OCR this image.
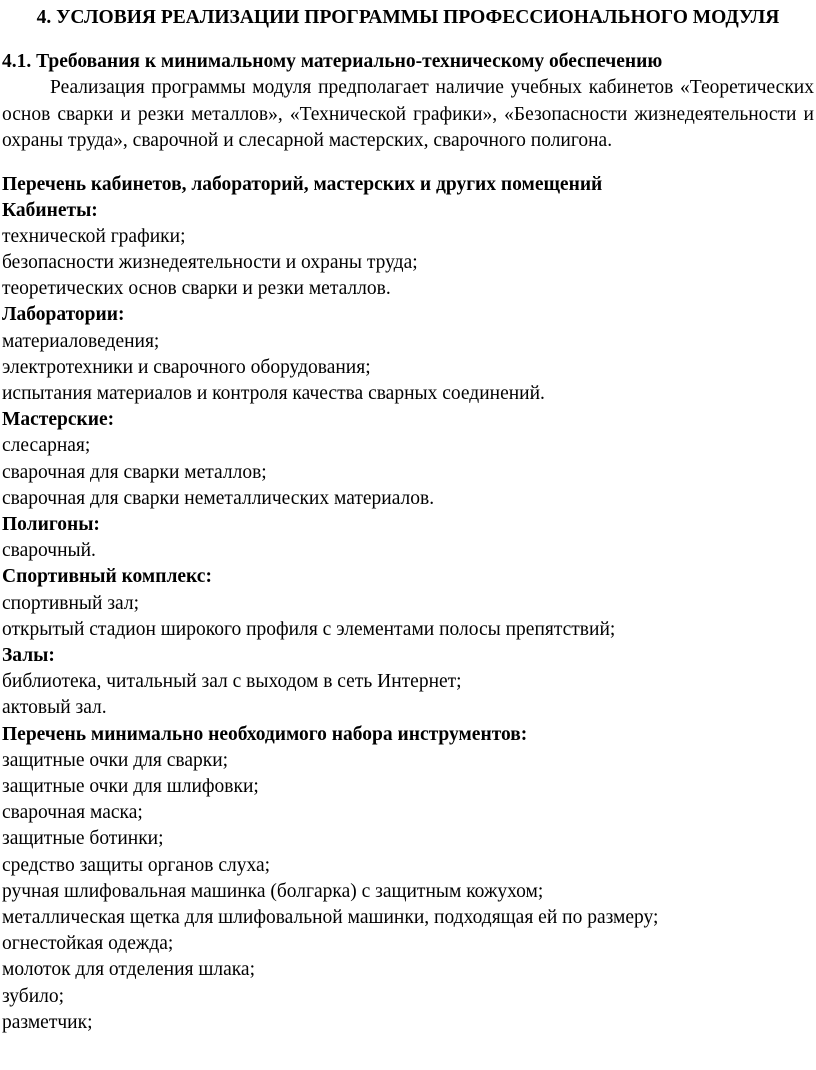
4. УСЛОВИЯ РЕАЛИЗАЦИИ ПРОГРАММЫ ПРОФЕССИОНАЛЬНОГО МОДУЛЯ
4.1. Требования к минимальному материально-техническому обеспечению

Реализация программы модуля предполагает наличие учебных кабинетов «Теоретических основ сварки и резки металлов», «Технической графики», «Безопасности жизнедеятельности и охраны труда», сварочной и слесарной мастерских, сварочного полигона.

Перечень кабинетов, лабораторий, мастерских и других помещений
Кабинеты:
технической графики;
безопасности жизнедеятельности и охраны труда;
теоретических основ сварки и резки металлов.
Лаборатории:
материаловедения;
электротехники и сварочного оборудования;
испытания материалов и контроля качества сварных соединений.
Мастерские:
слесарная;
сварочная для сварки металлов;
сварочная для сварки неметаллических материалов.
Полигоны:
сварочный.
Спортивный комплекс:
спортивный зал;
открытый стадион широкого профиля с элементами полосы препятствий;
Залы:
библиотека, читальный зал с выходом в сеть Интернет;
актовый зал.
Перечень минимально необходимого набора инструментов:
защитные очки для сварки;
защитные очки для шлифовки;
сварочная маска;
защитные ботинки;
средство защиты органов слуха;
ручная шлифовальная машинка (болгарка) с защитным кожухом;
металлическая щетка для шлифовальной машинки, подходящая ей по размеру;
огнестойкая одежда;
молоток для отделения шлака;
зубило;
разметчик;
